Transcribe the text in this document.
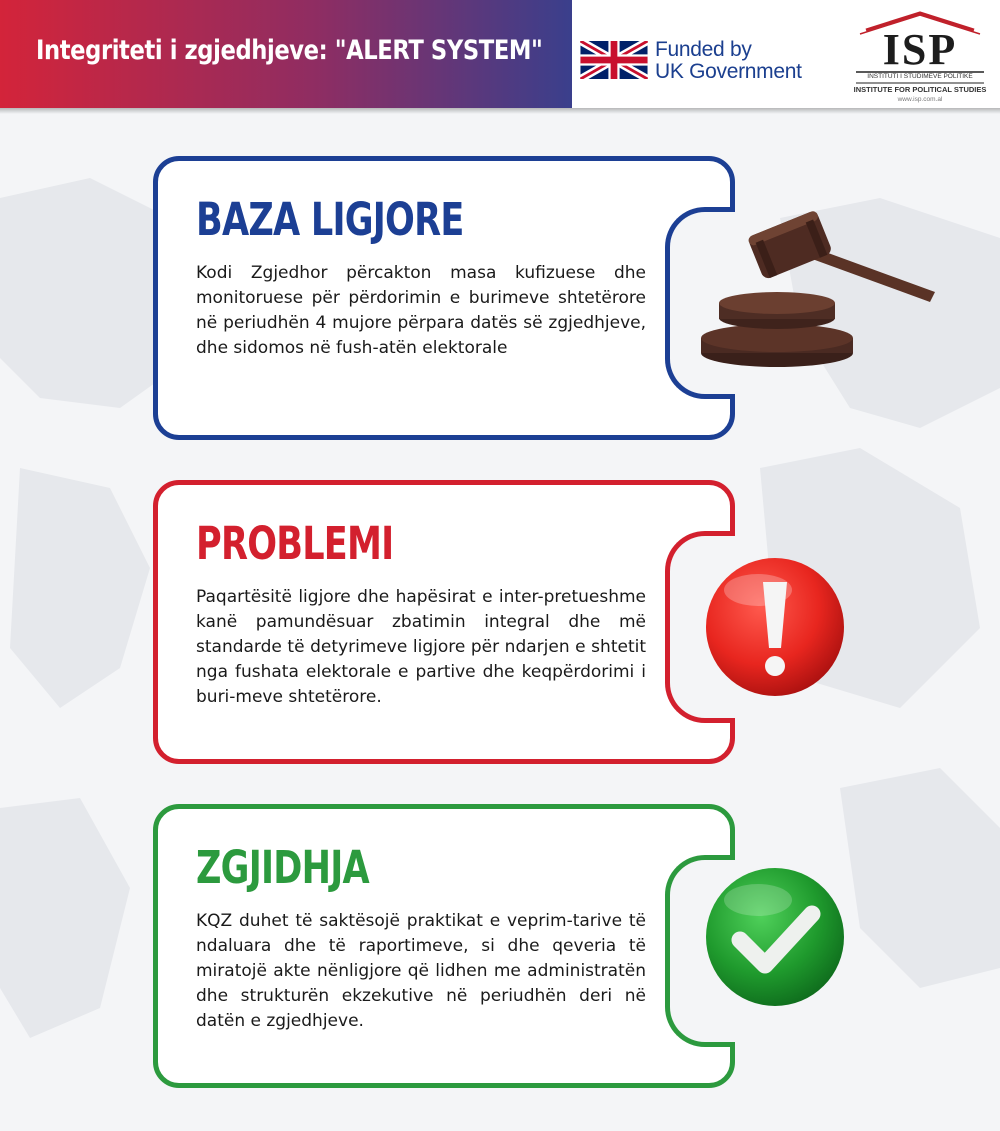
Integriteti i zgjedhjeve: "ALERT SYSTEM"	Funded by
UK Government	ISP
INSTITUTI I STUDIMEVE POLITIKE
INSTITUTE FOR POLITICAL STUDIES
www.isp.com.al
BAZA LIGJORE

Kodi Zgjedhor përcakton masa kufizuese dhe monitoruese për përdorimin e burimeve shtetërore në periudhën 4 mujore përpara datës së zgjedhjeve, dhe sidomos në fush-atën elektorale

PROBLEMI

Paqartësitë ligjore dhe hapësirat e inter-pretueshme kanë pamundësuar zbatimin integral dhe më standarde të detyrimeve ligjore për ndarjen e shtetit nga fushata elektorale e partive dhe keqpërdorimi i buri-meve shtetërore.

ZGJIDHJA

KQZ duhet të saktësojë praktikat e veprim-tarive të ndaluara dhe të raportimeve, si dhe qeveria të miratojë akte nënligjore që lidhen me administratën dhe strukturën ekzekutive në periudhën deri në datën e zgjedhjeve.
